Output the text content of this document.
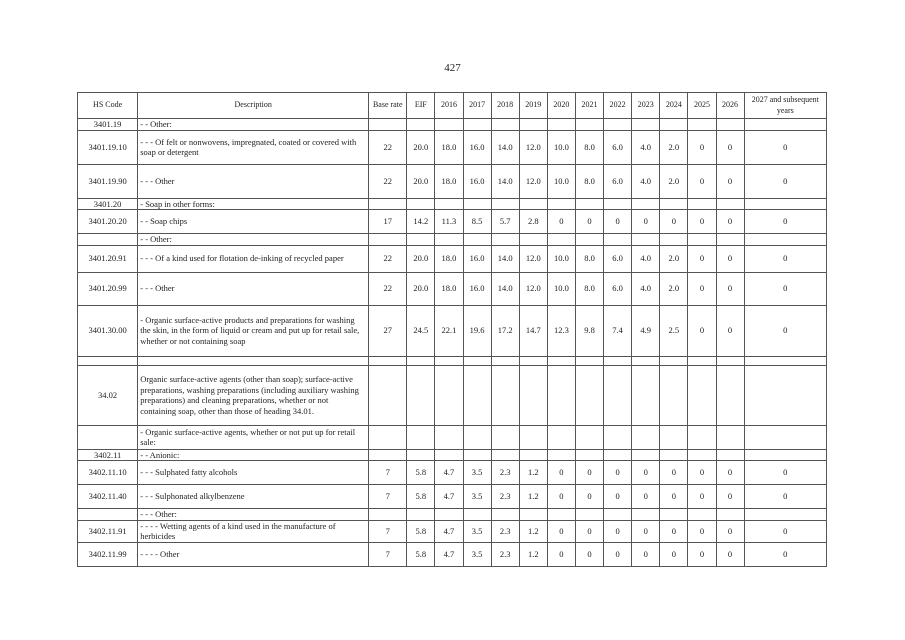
427
HS Code	Description	Base rate	EIF	2016	2017	2018	2019	2020	2021	2022	2023	2024	2025	2026	2027 and subsequent years
3401.19	- - Other:														
3401.19.10	- - - Of felt or nonwovens, impregnated, coated or covered with soap or detergent	22	20.0	18.0	16.0	14.0	12.0	10.0	8.0	6.0	4.0	2.0	0	0	0
3401.19.90	- - - Other	22	20.0	18.0	16.0	14.0	12.0	10.0	8.0	6.0	4.0	2.0	0	0	0
3401.20	- Soap in other forms:														
3401.20.20	- - Soap chips	17	14.2	11.3	8.5	5.7	2.8	0	0	0	0	0	0	0	0
	- - Other:														
3401.20.91	- - - Of a kind used for flotation de-inking of recycled paper	22	20.0	18.0	16.0	14.0	12.0	10.0	8.0	6.0	4.0	2.0	0	0	0
3401.20.99	- - - Other	22	20.0	18.0	16.0	14.0	12.0	10.0	8.0	6.0	4.0	2.0	0	0	0
3401.30.00	- Organic surface-active products and preparations for washing the skin, in the form of liquid or cream and put up for retail sale, whether or not containing soap	27	24.5	22.1	19.6	17.2	14.7	12.3	9.8	7.4	4.9	2.5	0	0	0

34.02	Organic surface-active agents (other than soap); surface-active preparations, washing preparations (including auxiliary washing preparations) and cleaning preparations, whether or not containing soap, other than those of heading 34.01.														
	- Organic surface-active agents, whether or not put up for retail sale:														
3402.11	- - Anionic:														
3402.11.10	- - - Sulphated fatty alcohols	7	5.8	4.7	3.5	2.3	1.2	0	0	0	0	0	0	0	0
3402.11.40	- - - Sulphonated alkylbenzene	7	5.8	4.7	3.5	2.3	1.2	0	0	0	0	0	0	0	0
	- - - Other:														
3402.11.91	- - - - Wetting agents of a kind used in the manufacture of herbicides	7	5.8	4.7	3.5	2.3	1.2	0	0	0	0	0	0	0	0
3402.11.99	- - - - Other	7	5.8	4.7	3.5	2.3	1.2	0	0	0	0	0	0	0	0
